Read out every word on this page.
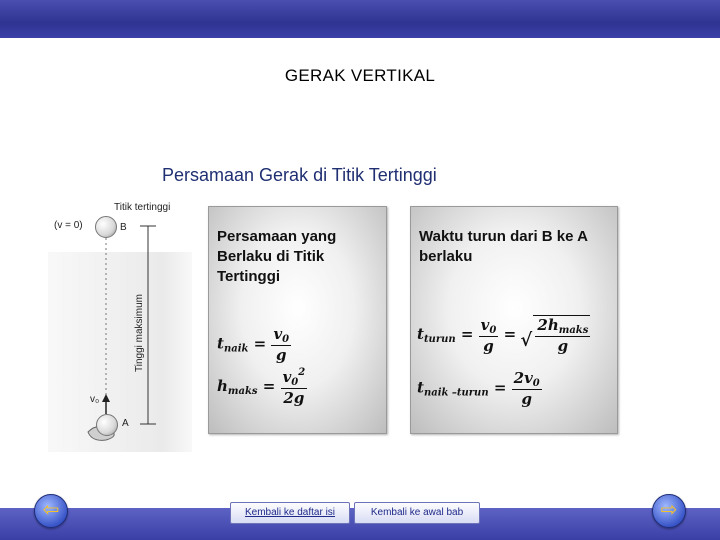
GERAK VERTIKAL
Persamaan Gerak di Titik Tertinggi
Titik tertinggi
(v = 0)	B
v₀
A
Tinggi maksimum
Persamaan yang Berlaku di Titik Tertinggi
$t_{naik} = \frac{v_0}{g}$
$h_{maks} = \frac{v_0^2}{2g}$
Waktu turun dari B ke A berlaku
$t_{turun} = \frac{v_0}{g}$ =
√ $\frac{2h_{maks}}{g}$
$t_{naik -turun} = \frac{2v_0}{g}$
⇦	⇨
Kembali ke daftar isi	Kembali ke awal bab
